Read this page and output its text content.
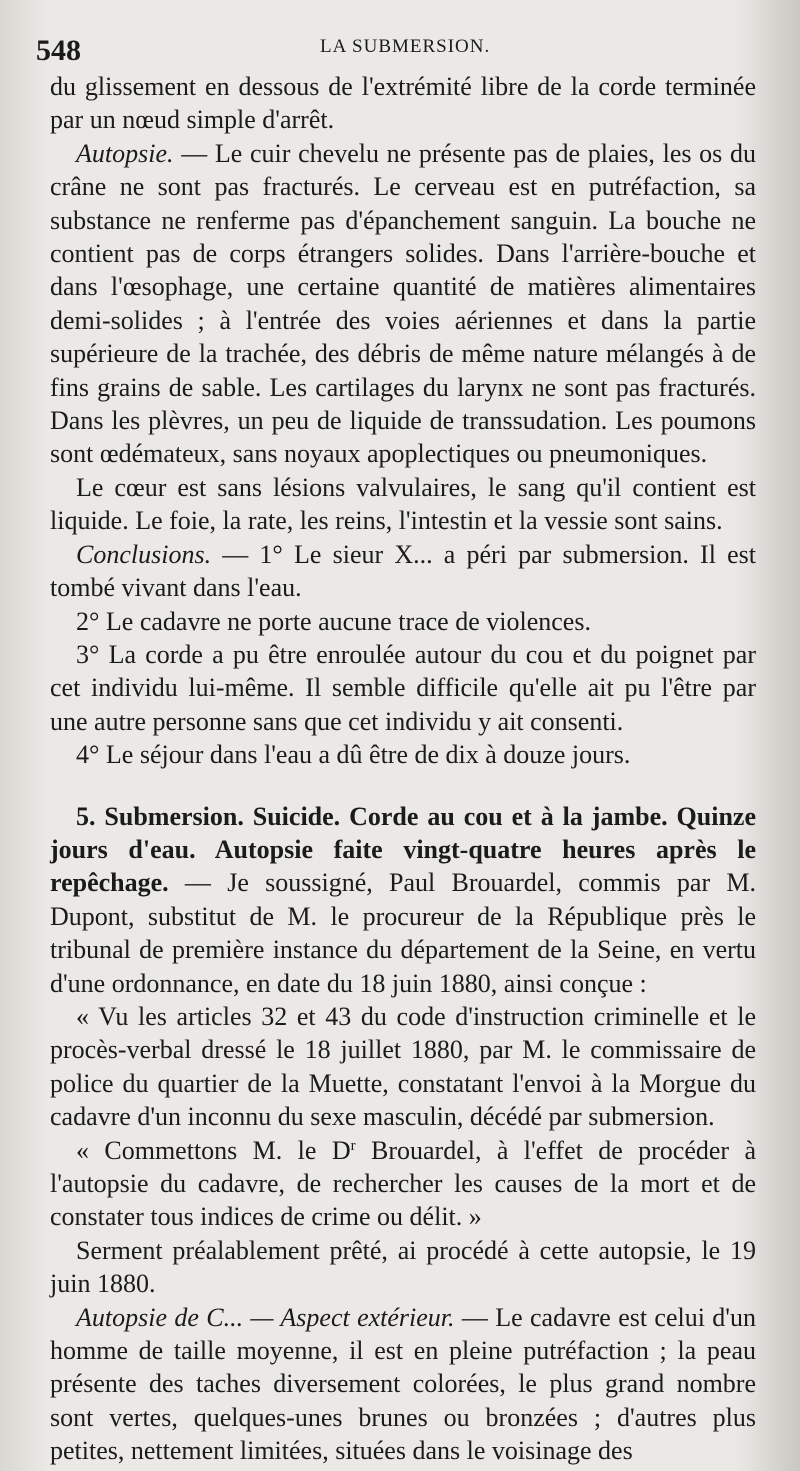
548	LA SUBMERSION.

du glissement en dessous de l'extrémité libre de la corde terminée par un nœud simple d'arrêt.

Autopsie. — Le cuir chevelu ne présente pas de plaies, les os du crâne ne sont pas fracturés. Le cerveau est en putréfaction, sa substance ne renferme pas d'épanchement sanguin. La bouche ne contient pas de corps étrangers solides. Dans l'arrière-bouche et dans l'œsophage, une certaine quantité de matières alimentaires demi-solides ; à l'entrée des voies aériennes et dans la partie supérieure de la trachée, des débris de même nature mélangés à de fins grains de sable. Les cartilages du larynx ne sont pas fracturés. Dans les plèvres, un peu de liquide de transsudation. Les poumons sont œdémateux, sans noyaux apoplectiques ou pneumoniques.

Le cœur est sans lésions valvulaires, le sang qu'il contient est liquide. Le foie, la rate, les reins, l'intestin et la vessie sont sains.

Conclusions. — 1° Le sieur X... a péri par submersion. Il est tombé vivant dans l'eau.

2° Le cadavre ne porte aucune trace de violences.

3° La corde a pu être enroulée autour du cou et du poignet par cet individu lui-même. Il semble difficile qu'elle ait pu l'être par une autre personne sans que cet individu y ait consenti.

4° Le séjour dans l'eau a dû être de dix à douze jours.

5. Submersion. Suicide. Corde au cou et à la jambe. Quinze jours d'eau. Autopsie faite vingt-quatre heures après le repêchage. — Je soussigné, Paul Brouardel, commis par M. Dupont, substitut de M. le procureur de la République près le tribunal de première instance du département de la Seine, en vertu d'une ordonnance, en date du 18 juin 1880, ainsi conçue :

« Vu les articles 32 et 43 du code d'instruction criminelle et le procès-verbal dressé le 18 juillet 1880, par M. le commissaire de police du quartier de la Muette, constatant l'envoi à la Morgue du cadavre d'un inconnu du sexe masculin, décédé par submersion.

« Commettons M. le $D^r$ Brouardel, à l'effet de procéder à l'autopsie du cadavre, de rechercher les causes de la mort et de constater tous indices de crime ou délit. »

Serment préalablement prêté, ai procédé à cette autopsie, le 19 juin 1880.

Autopsie de C... — Aspect extérieur. — Le cadavre est celui d'un homme de taille moyenne, il est en pleine putréfaction ; la peau présente des taches diversement colorées, le plus grand nombre sont vertes, quelques-unes brunes ou bronzées ; d'autres plus petites, nettement limitées, situées dans le voisinage des
